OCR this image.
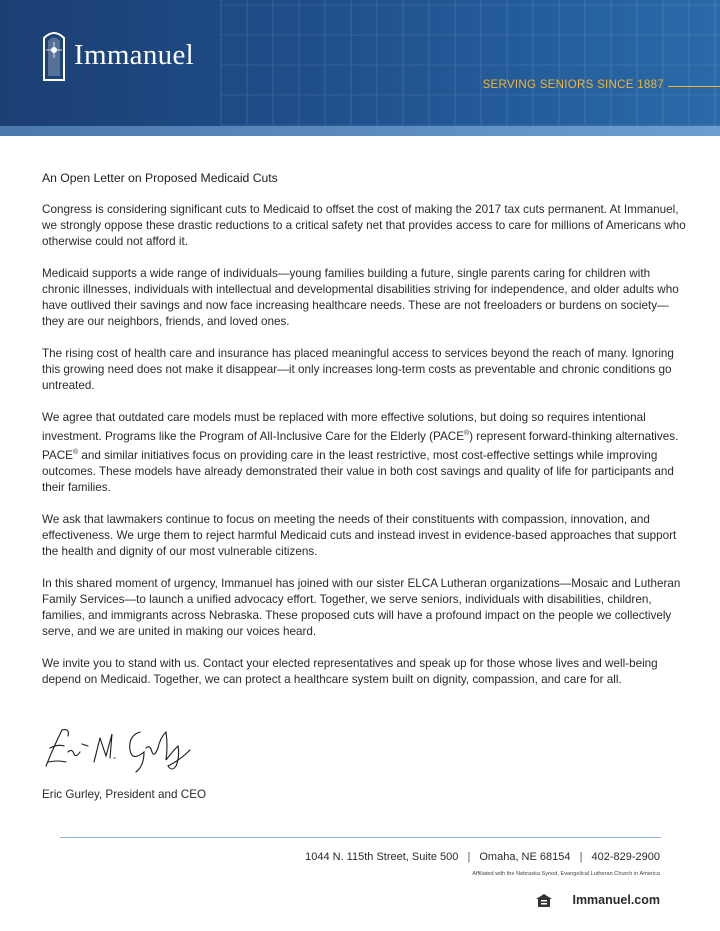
Immanuel
SERVING SENIORS SINCE 1887
An Open Letter on Proposed Medicaid Cuts

Congress is considering significant cuts to Medicaid to offset the cost of making the 2017 tax cuts permanent. At Immanuel, we strongly oppose these drastic reductions to a critical safety net that provides access to care for millions of Americans who otherwise could not afford it.

Medicaid supports a wide range of individuals—young families building a future, single parents caring for children with chronic illnesses, individuals with intellectual and developmental disabilities striving for independence, and older adults who have outlived their savings and now face increasing healthcare needs. These are not freeloaders or burdens on society—they are our neighbors, friends, and loved ones.

The rising cost of health care and insurance has placed meaningful access to services beyond the reach of many. Ignoring this growing need does not make it disappear—it only increases long-term costs as preventable and chronic conditions go untreated.

We agree that outdated care models must be replaced with more effective solutions, but doing so requires intentional investment. Programs like the Program of All-Inclusive Care for the Elderly (PACE®) represent forward-thinking alternatives. PACE® and similar initiatives focus on providing care in the least restrictive, most cost-effective settings while improving outcomes. These models have already demonstrated their value in both cost savings and quality of life for participants and their families.

We ask that lawmakers continue to focus on meeting the needs of their constituents with compassion, innovation, and effectiveness. We urge them to reject harmful Medicaid cuts and instead invest in evidence-based approaches that support the health and dignity of our most vulnerable citizens.

In this shared moment of urgency, Immanuel has joined with our sister ELCA Lutheran organizations—Mosaic and Lutheran Family Services—to launch a unified advocacy effort. Together, we serve seniors, individuals with disabilities, children, families, and immigrants across Nebraska. These proposed cuts will have a profound impact on the people we collectively serve, and we are united in making our voices heard.

We invite you to stand with us. Contact your elected representatives and speak up for those whose lives and well-being depend on Medicaid. Together, we can protect a healthcare system built on dignity, compassion, and care for all.

Eric Gurley, President and CEO
1044 N. 115th Street, Suite 500 | Omaha, NE 68154 | 402-829-2900
Affiliated with the Nebraska Synod, Evangelical Lutheran Church in America
Immanuel.com
